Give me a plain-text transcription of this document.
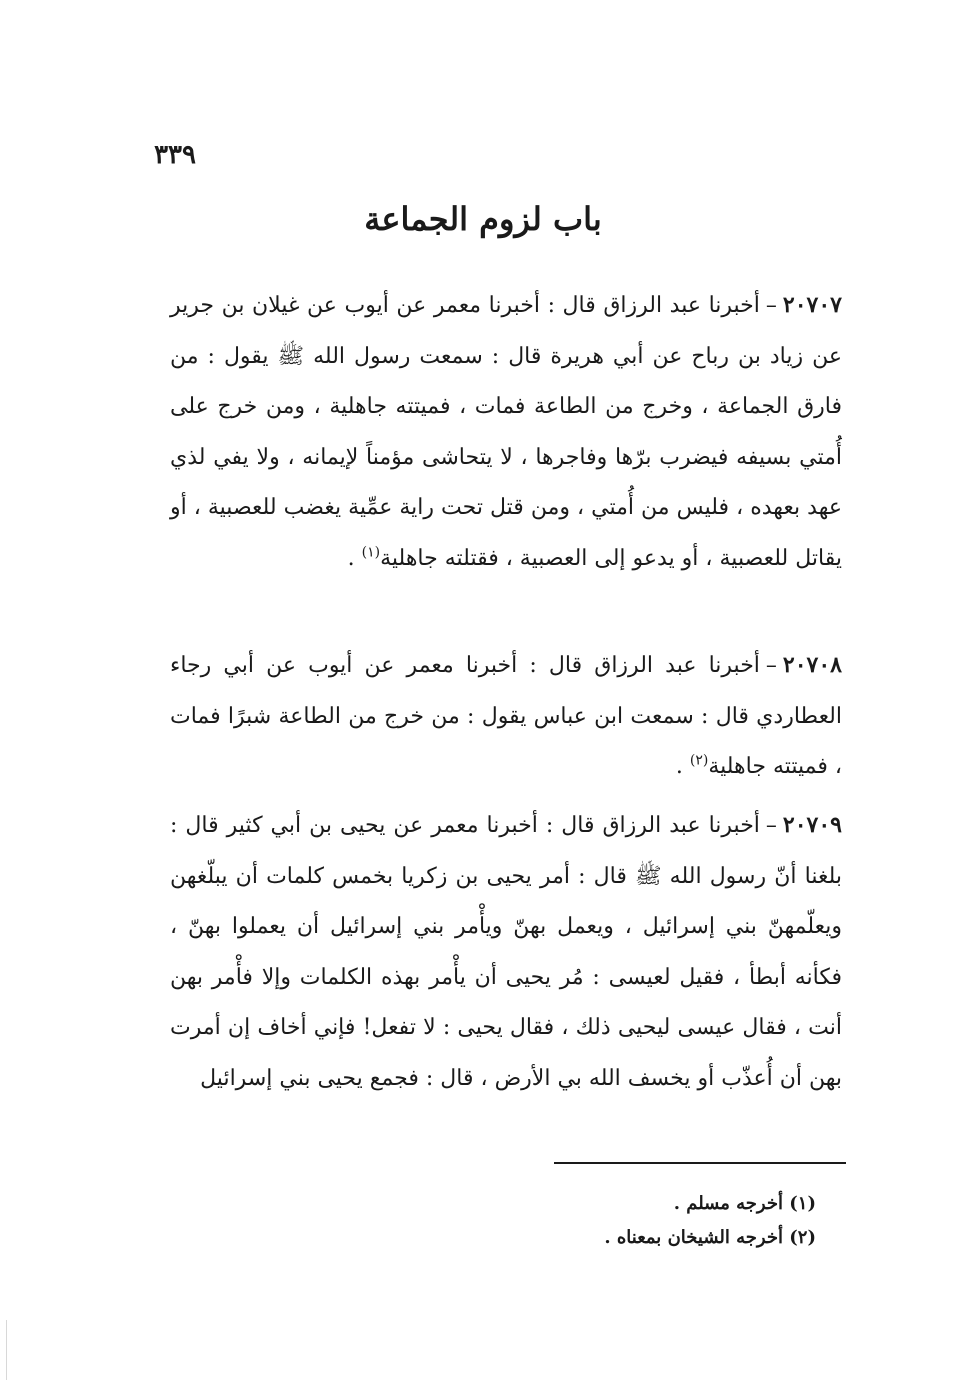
٣٣٩
باب لزوم الجماعة

٢٠٧٠٧–أخبرنا عبد الرزاق قال : أخبرنا معمر عن أيوب عن غيلان بن جرير عن زياد بن رباح عن أبي هريرة قال : سمعت رسول الله ﷺ يقول : من فارق الجماعة ، وخرج من الطاعة فمات ، فميتته جاهلية ، ومن خرج على أُمتي بسيفه فيضرب برّها وفاجرها ، لا يتحاشى مؤمناً لإيمانه ، ولا يفي لذي عهد بعهده ، فليس من أُمتي ، ومن قتل تحت راية عمِّية يغضب للعصبية ، أو يقاتل للعصبية ، أو يدعو إلى العصبية ، فقتلته جاهلية$^{(١)}$ .

٢٠٧٠٨–أخبرنا عبد الرزاق قال : أخبرنا معمر عن أيوب عن أبي رجاء العطاردي قال : سمعت ابن عباس يقول : من خرج من الطاعة شبرًا فمات ، فميتته جاهلية$^{(٢)}$ .

٢٠٧٠٩–أخبرنا عبد الرزاق قال : أخبرنا معمر عن يحيى بن أبي كثير قال : بلغنا أنّ رسول الله ﷺ قال : أمر يحيى بن زكريا بخمس كلمات أن يبلّغهن ويعلّمهنّ بني إسرائيل ، ويعمل بهنّ ويأْمر بني إسرائيل أن يعملوا بهنّ ، فكأنه أبطأ ، فقيل لعيسى : مُر يحيى أن يأْمر بهذه الكلمات وإلا فأْمر بهن أنت ، فقال عيسى ليحيى ذلك ، فقال يحيى : لا تفعل! فإني أخاف إن أمرت بهن أن أُعذّب أو يخسف الله بي الأرض ، قال : فجمع يحيى بني إسرائيل

(١) أخرجه مسلم .
(٢) أخرجه الشيخان بمعناه .
